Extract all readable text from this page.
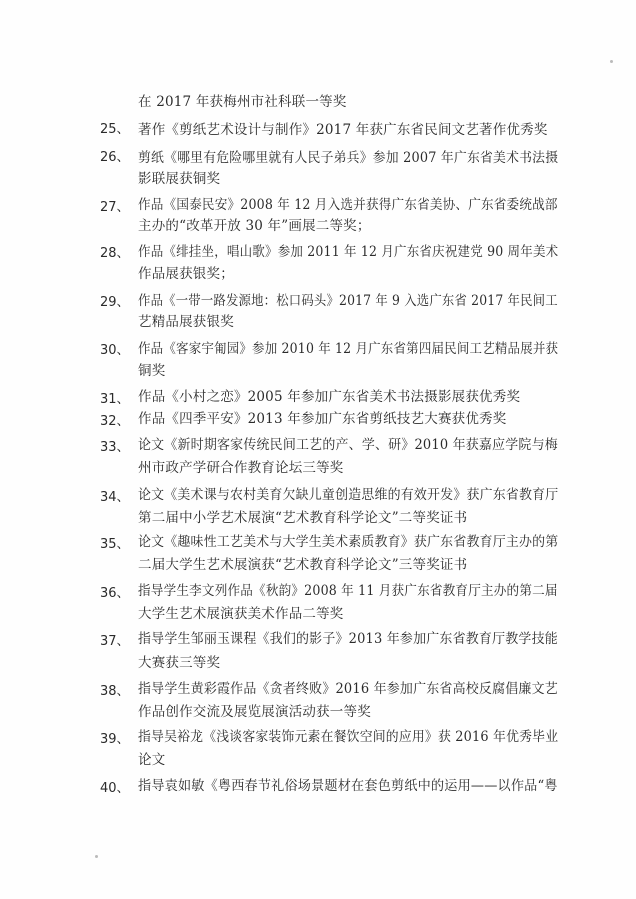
在 2017 年获梅州市社科联一等奖
25、 著作《剪纸艺术设计与制作》2017 年获广东省民间文艺著作优秀奖
26、 剪纸《哪里有危险哪里就有人民子弟兵》参加 2007 年广东省美术书法摄
影联展获铜奖
27、 作品《国泰民安》2008 年 12 月入选并获得广东省美协、广东省委统战部
主办的“改革开放 30 年”画展二等奖；
28、 作品《绯挂坐，唱山歌》参加 2011 年 12 月广东省庆祝建党 90 周年美术
作品展获银奖；
29、 作品《一带一路发源地：松口码头》2017 年 9 入选广东省 2017 年民间工
艺精品展获银奖
30、 作品《客家宇匍园》参加 2010 年 12 月广东省第四届民间工艺精品展并获
铜奖
31、 作品《小村之恋》2005 年参加广东省美术书法摄影展获优秀奖
32、 作品《四季平安》2013 年参加广东省剪纸技艺大赛获优秀奖
33、 论文《新时期客家传统民间工艺的产、学、研》2010 年获嘉应学院与梅
州市政产学研合作教育论坛三等奖
34、 论文《美术课与农村美育欠缺儿童创造思维的有效开发》获广东省教育厅
第二届中小学艺术展演“艺术教育科学论文”二等奖证书
35、 论文《趣味性工艺美术与大学生美术素质教育》获广东省教育厅主办的第
二届大学生艺术展演获“艺术教育科学论文”三等奖证书
36、 指导学生李文列作品《秋韵》2008 年 11 月获广东省教育厅主办的第二届
大学生艺术展演获美术作品二等奖
37、 指导学生邹丽玉课程《我们的影子》2013 年参加广东省教育厅教学技能
大赛获三等奖
38、 指导学生黄彩霞作品《贪者终败》2016 年参加广东省高校反腐倡廉文艺
作品创作交流及展览展演活动获一等奖
39、 指导吴裕龙《浅谈客家装饰元素在餐饮空间的应用》获 2016 年优秀毕业
论文
40、 指导袁如敏《粤西春节礼俗场景题材在套色剪纸中的运用——以作品“粤
